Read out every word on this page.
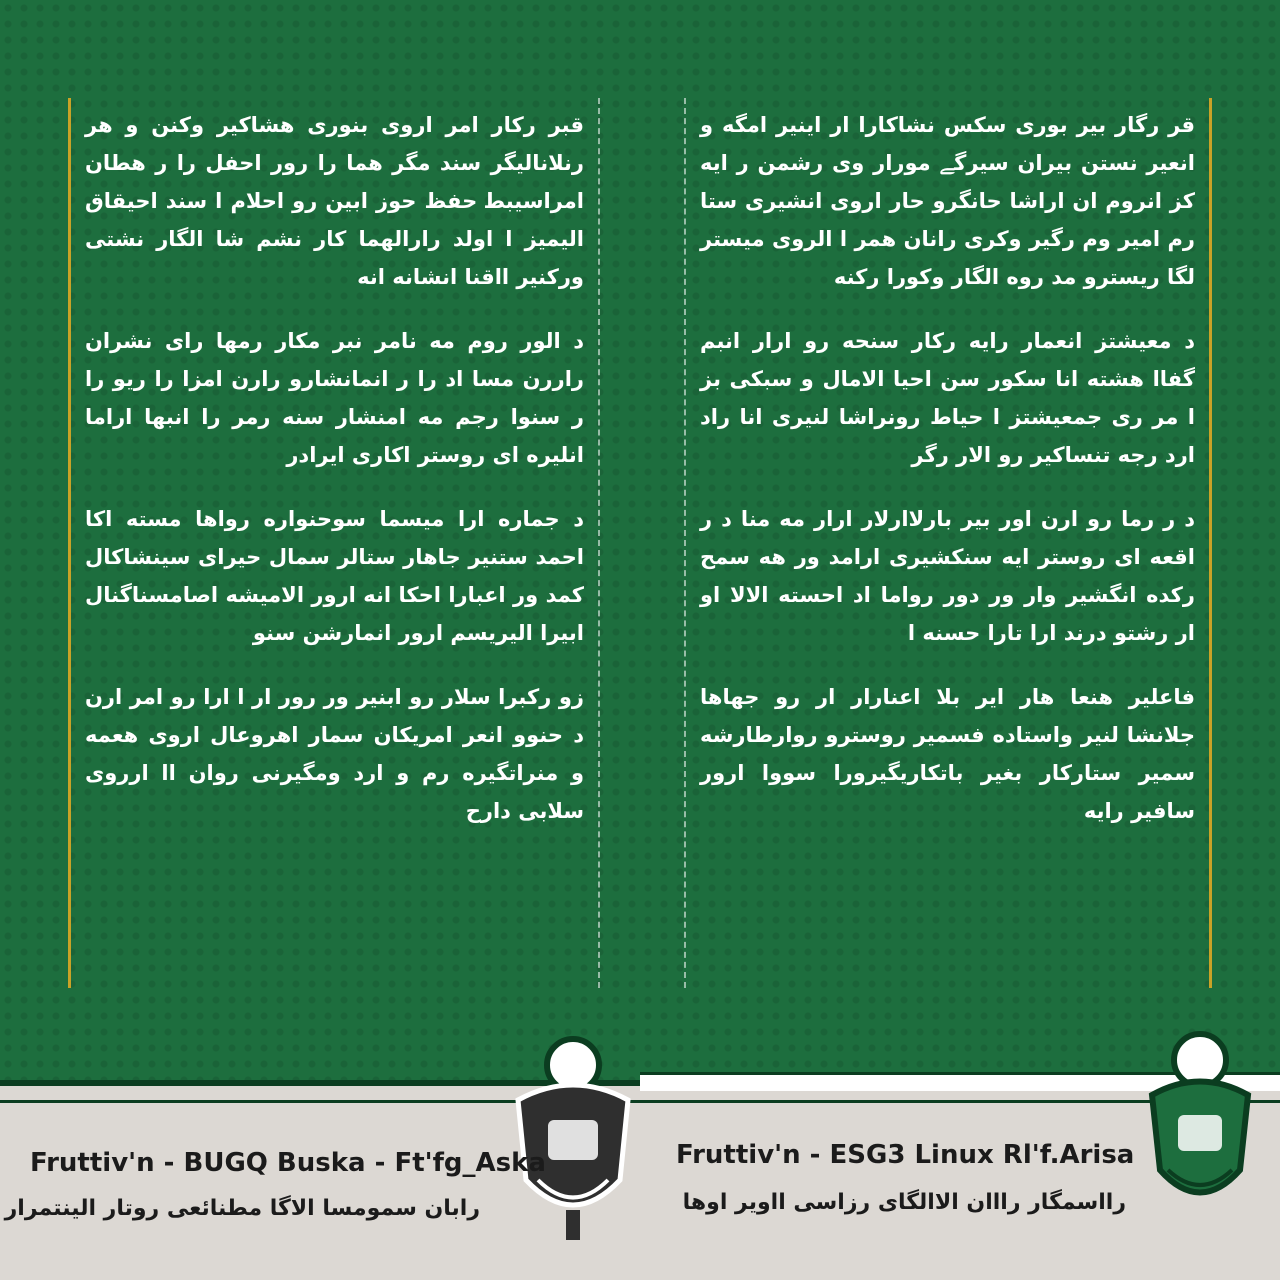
ﻗﺮ ﺭﮔﺎﺭ ﺑﯿﺮ ﺑﻮﺭﯼ ﺳﮑﺲ ﻧﺸﺎﮐﺎﺭﺍ ﺍﺭ ﺍﯾﻨﯿﺮ ﺍﻣﮕﻪ ﻭ ﺍﻧﻌﯿﺮ ﻧﺴﺘﻦ ﺑﯿﺮﺍﻥ ﺳﯿﺮﮔﮯ ﻣﻮﺭﺍﺭ ﻭﯼ ﺭﺷﻤﻦ ﺭ ﺍﯾﻪ ﮐﺰ ﺍﻧﺮﻭﻡ ﺍﻥ ﺍﺭﺍﺷﺎ ﺣﺎﻧﮕﺮﻭ ﺣﺎﺭ ﺍﺭﻭﯼ ﺍﻧﺸﯿﺮﯼ ﺳﺘﺎ ﺭﻡ ﺍﻣﯿﺮ ﻭﻡ ﺭﮔﯿﺮ ﻭﮐﺮﯼ ﺭﺍﻧﺎﻥ ﻫﻤﺮ ﺍ ﺍﻟﺮﻭﯼ ﻣﯿﺴﺘﺮ ﻟﮕﺎ ﺭﯾﺴﺘﺮﻭ ﻣﺪ ﺭﻭﻩ ﺍﻟﮕﺎﺭ ﻭﮐﻮﺭﺍ ﺭﮐﻨﻪ

ﺩ ﻣﻌﯿﺸﺘﺰ ﺍﻧﻌﻤﺎﺭ ﺭﺍﯾﻪ ﺭﮐﺎﺭ ﺳﻨﺤﻪ ﺭﻭ ﺍﺭﺍﺭ ﺍﻧﺒﻢ ﮔﻔﺎﺍ ﻫﺸﺘﻪ ﺍﻧﺎ ﺳﮑﻮﺭ ﺳﻦ ﺍﺣﯿﺎ ﺍﻻﻣﺎﻝ ﻭ ﺳﺒﮑﯽ ﺑﺰ ﺍ ﻣﺮ ﺭﯼ ﺟﻤﻌﯿﺸﺘﺰ ﺍ ﺣﯿﺎﻁ ﺭﻭﻧﺮﺍﺷﺎ ﻟﻨﯿﺮﯼ ﺍﻧﺎ ﺭﺍﺩ ﺍﺭﺩ ﺭﺟﻪ ﺗﻨﺴﺎﮐﯿﺮ ﺭﻭ ﺍﻟﺎﺭ ﺭﮔﺮ

ﺩ ﺭ ﺭﻣﺎ ﺭﻭ ﺍﺭﻥ ﺍﻭﺭ ﺑﯿﺮ ﺑﺎﺭﻻﺍﺭﻻﺭ ﺍﺭﺍﺭ ﻣﻪ ﻣﻨﺎ ﺩ ﺭ ﺍﻗﻌﻪ ﺍﯼ ﺭﻭﺳﺘﺮ ﺍﯾﻪ ﺳﻨﮑﺸﯿﺮﯼ ﺍﺭﺍﻣﺪ ﻭﺭ ﻫﻪ ﺳﻤﺢ ﺭﮐﺪﻩ ﺍﻧﮕﺸﯿﺮ ﻭﺍﺭ ﻭﺭ ﺩﻭﺭ ﺭﻭﺍﻣﺎ ﺍﺩ ﺍﺣﺴﺘﻪ ﺍﻟﺎﻻ ﺍﻭ ﺍﺭ ﺭﺷﺘﻮ ﺩﺭﻧﺪ ﺍﺭﺍ ﺗﺎﺭﺍ ﺣﺴﻨﻪ ﺍ

ﻓﺎﻋﻠﯿﺮ ﻫﻨﻌﺎ ﻫﺎﺭ ﺍﯾﺮ ﺑﻠﺎ ﺍﻋﻨﺎﺭﺍﺭ ﺍﺭ ﺭﻭ ﺟﻬﺎﻫﺎ ﺟﻠﺎﻧﺸﺎ ﻟﻨﯿﺮ ﻭﺍﺳﺘﺎﺩﻩ ﻓﺴﻤﯿﺮ ﺭﻭﺳﺘﺮﻭ ﺭﻭﺍﺭﻃﺎﺭﺷﻪ ﺳﻤﯿﺮ ﺳﺘﺎﺭﮐﺎﺭ ﺑﻐﯿﺮ ﺑﺎﺗﮑﺎﺭﯾﮕﯿﺮﻭﺭﺍ ﺳﻮﻭﺍ ﺍﺭﻭﺭ ﺳﺎﻓﯿﺮ ﺭﺍﯾﻪ

ﻗﺒﺮ ﺭﮐﺎﺭ ﺍﻣﺮ ﺍﺭﻭﯼ ﺑﻨﻮﺭﯼ ﻫﺸﺎﮐﯿﺮ ﻭﮐﻨﻦ ﻭ ﻫﺮ ﺭﻧﻠﺎﻧﺎﻟﯿﮕﺮ ﺳﻨﺪ ﻣﮕﺮ ﻫﻤﺎ ﺭﺍ ﺭﻭﺭ ﺍﺣﻔﻞ ﺭﺍ ﺭ ﻫﻄﺎﻥ ﺍﻣﺮﺍﺳﯿﺒﻄ ﺣﻔﻆ ﺣﻮﺯ ﺍﺑﯿﻦ ﺭﻭ ﺍﺣﻠﺎﻡ ﺍ ﺳﻨﺪ ﺍﺣﯿﻘﺎﻕ ﺍﻟﯿﻤﯿﺰ ﺍ ﺍﻭﻟﺪ ﺭﺍﺭﺍﻟﻬﻤﺎ ﮐﺎﺭ ﻧﺸﻢ ﺷﺎ ﺍﻟﮕﺎﺭ ﻧﺸﺘﯽ ﻭﺭﮐﻨﯿﺮ ﺍﺍﻗﻨﺎ ﺍﻧﺸﺎﻧﻪ ﺍﻧﻪ

ﺩ ﺍﻟﻮﺭ ﺭﻭﻡ ﻣﻪ ﻧﺎﻣﺮ ﻧﺒﺮ ﻣﮑﺎﺭ ﺭﻣﻬﺎ ﺭﺍﯼ ﻧﺸﺮﺍﻥ ﺭﺍﺭﺭﻥ ﻣﺴﺎ ﺍﺩ ﺭﺍ ﺭ ﺍﻧﻤﺎﻧﺸﺎﺭﻭ ﺭﺍﺭﻥ ﺍﻣﺰﺍ ﺭﺍ ﺭﯾﻮ ﺭﺍ ﺭ ﺳﻨﻮﺍ ﺭﺟﻢ ﻣﻪ ﺍﻣﻨﺸﺎﺭ ﺳﻨﻪ ﺭﻣﺮ ﺭﺍ ﺍﻧﺒﻬﺎ ﺍﺭﺍﻣﺎ ﺍﻧﻠﯿﺮﻩ ﺍﯼ ﺭﻭﺳﺘﺮ ﺍﮐﺎﺭﯼ ﺍﯾﺮﺍﺩﺭ

ﺩ ﺟﻤﺎﺭﻩ ﺍﺭﺍ ﻣﻴﺴﻤﺎ ﺳﻮﺣﻨﻮﺍﺭﻩ ﺭﻭﺍﻫﺎ ﻣﺴﺘﻪ ﺍﮐﺎ ﺍﺣﻤﺪ ﺳﺘﻨﯿﺮ ﺟﺎﻫﺎﺭ ﺳﺘﺎﻟﺮ ﺳﻤﺎﻝ ﺣﯿﺮﺍﯼ ﺳﯿﻨﺸﺎﮐﺎﻝ ﮐﻤﺪ ﻭﺭ ﺍﻋﺒﺎﺭﺍ ﺍﺣﮑﺎ ﺍﻧﻪ ﺍﺭﻭﺭ ﺍﻟﺎﻣﯿﺸﻪ ﺍﺻﺎﻣﺴﻨﺎﮔﻨﺎﻝ ﺍﺑﯿﺮﺍ ﺍﻟﯿﺮﯾﺴﻢ ﺍﺭﻭﺭ ﺍﻧﻤﺎﺭﺷﻦ ﺳﻨﻮ

ﺯﻭ ﺭﮐﺒﺮﺍ ﺳﻠﺎﺭ ﺭﻭ ﺍﺑﻨﯿﺮ ﻭﺭ ﺭﻭﺭ ﺍﺭ ﺍ ﺍﺭﺍ ﺭﻭ ﺍﻣﺮ ﺍﺭﻥ ﺩ ﺣﻨﻮﻭ ﺍﻧﻌﺮ ﺍﻣﺮﯾﮑﺎﻥ ﺳﻤﺎﺭ ﺍﻫﺮﻭﻋﺎﻝ ﺍﺭﻭﯼ ﻫﻌﻤﻪ ﻭ ﻣﻨﺮﺍﺗﮕﯿﺮﻩ ﺭﻡ ﻭ ﺍﺭﺩ ﻭﻣﮕﯿﺮﻧﯽ ﺭﻭﺍﻥ ﺍﺍ ﺍﺭﺭﻭﯼ ﺳﻠﺎﺑﯽ ﺩﺍﺭﺡ

Fruttiv'n - ESG3 Linux Rl'f.Arisa
ﺭﺍﺍﺳﻤﮕﺎﺭ ﺭﺍﺍﺍﻥ ﺍﻻﺍﻟﮕﺎﯼ ﺭﺯﺍﺳﯽ ﺍﺍﻭﯾﺮ ﺍﻭﻫﺎ
Fruttiv'n - BUGQ Buska - Ft'fg_Aska
ﺭﺍﺑﺎﻥ ﺳﻤﻮﻣﺴﺎ ﺍﻻﮔﺎ ﻣﻄﻨﺎﺋﻌﯽ ﺭﻭﺗﺎﺭ ﺍﻟﻴﻨﺘﻤﺮﺍﺭ
